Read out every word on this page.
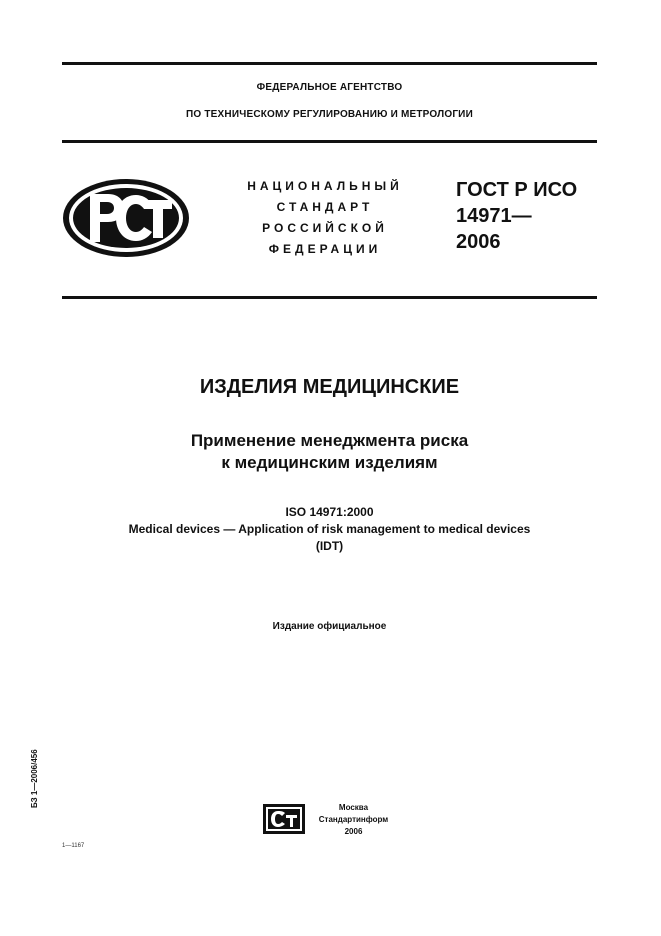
ФЕДЕРАЛЬНОЕ АГЕНТСТВО
ПО ТЕХНИЧЕСКОМУ РЕГУЛИРОВАНИЮ И МЕТРОЛОГИИ
НАЦИОНАЛЬНЫЙ
СТАНДАРТ
РОССИЙСКОЙ
ФЕДЕРАЦИИ
ГОСТ Р ИСО
14971—
2006
ИЗДЕЛИЯ МЕДИЦИНСКИЕ
Применение менеджмента риска
к медицинским изделиям
ISO 14971:2000
Medical devices — Application of risk management to medical devices
(IDT)
Издание официальное
БЗ 1—2006/456	Москва
Стандартинформ
2006
1—1167
